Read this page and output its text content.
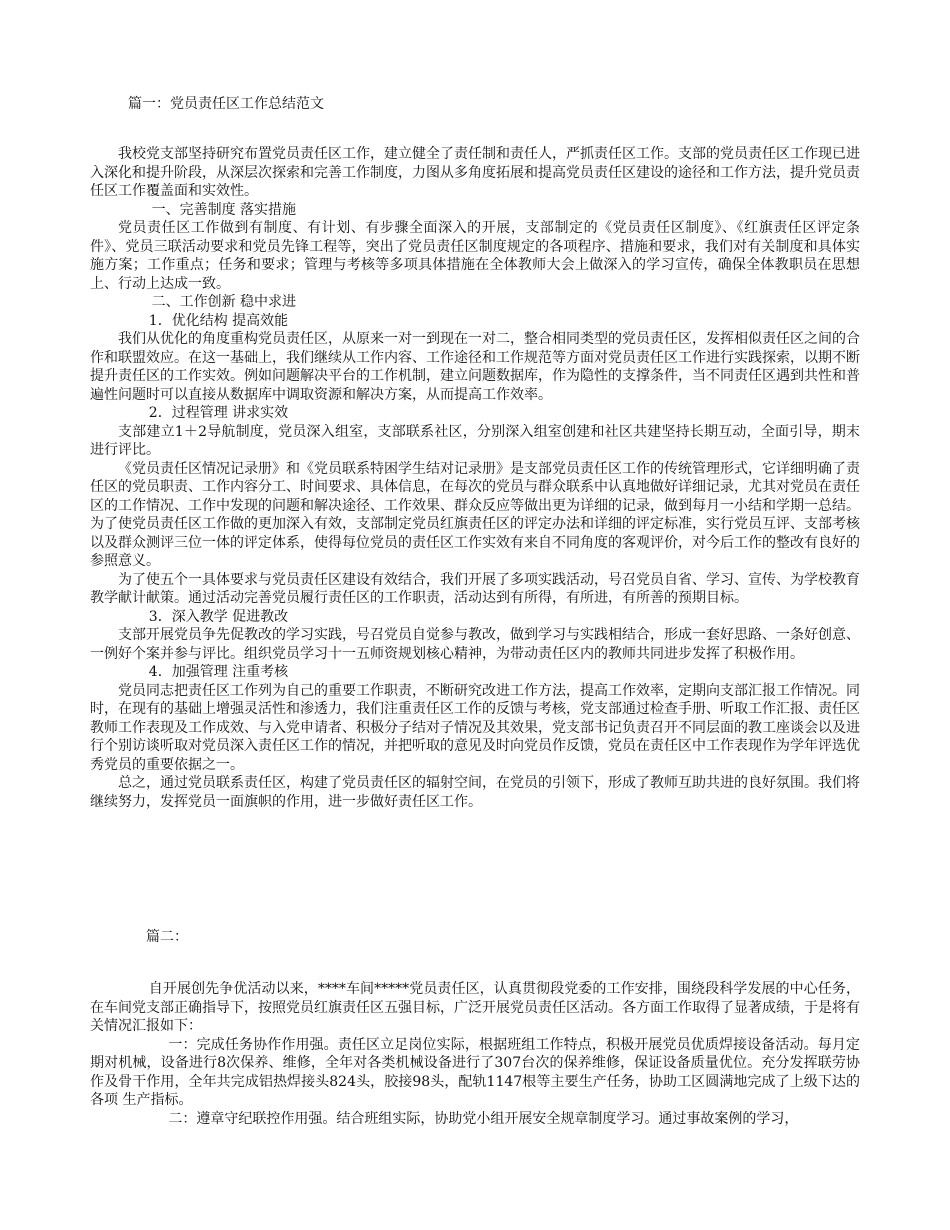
篇一：党员责任区工作总结范文

我校党支部坚持研究布置党员责任区工作，建立健全了责任制和责任人，严抓责任区工作。支部的党员责任区工作现已进入深化和提升阶段，从深层次探索和完善工作制度，力图从多角度拓展和提高党员责任区建设的途径和工作方法，提升党员责任区工作覆盖面和实效性。

一、完善制度 落实措施

党员责任区工作做到有制度、有计划、有步骤全面深入的开展，支部制定的《党员责任区制度》、《红旗责任区评定条件》、党员三联活动要求和党员先锋工程等，突出了党员责任区制度规定的各项程序、措施和要求，我们对有关制度和具体实施方案；工作重点；任务和要求；管理与考核等多项具体措施在全体教师大会上做深入的学习宣传，确保全体教职员在思想上、行动上达成一致。

二、工作创新 稳中求进

1．优化结构 提高效能

我们从优化的角度重构党员责任区，从原来一对一到现在一对二，整合相同类型的党员责任区，发挥相似责任区之间的合作和联盟效应。在这一基础上，我们继续从工作内容、工作途径和工作规范等方面对党员责任区工作进行实践探索，以期不断提升责任区的工作实效。例如问题解决平台的工作机制，建立问题数据库，作为隐性的支撑条件，当不同责任区遇到共性和普遍性问题时可以直接从数据库中调取资源和解决方案，从而提高工作效率。

2．过程管理 讲求实效

支部建立1＋2导航制度，党员深入组室，支部联系社区，分别深入组室创建和社区共建坚持长期互动，全面引导，期末进行评比。

《党员责任区情况记录册》和《党员联系特困学生结对记录册》是支部党员责任区工作的传统管理形式，它详细明确了责任区的党员职责、工作内容分工、时间要求、具体信息，在每次的党员与群众联系中认真地做好详细记录，尤其对党员在责任区的工作情况、工作中发现的问题和解决途径、工作效果、群众反应等做出更为详细的记录，做到每月一小结和学期一总结。为了使党员责任区工作做的更加深入有效，支部制定党员红旗责任区的评定办法和详细的评定标准，实行党员互评、支部考核以及群众测评三位一体的评定体系，使得每位党员的责任区工作实效有来自不同角度的客观评价，对今后工作的整改有良好的参照意义。

为了使五个一具体要求与党员责任区建设有效结合，我们开展了多项实践活动，号召党员自省、学习、宣传、为学校教育教学献计献策。通过活动完善党员履行责任区的工作职责，活动达到有所得，有所进，有所善的预期目标。

3．深入教学 促进教改

支部开展党员争先促教改的学习实践，号召党员自觉参与教改，做到学习与实践相结合，形成一套好思路、一条好创意、一例好个案并参与评比。组织党员学习十一五师资规划核心精神，为带动责任区内的教师共同进步发挥了积极作用。

4．加强管理 注重考核

党员同志把责任区工作列为自己的重要工作职责，不断研究改进工作方法，提高工作效率，定期向支部汇报工作情况。同时，在现有的基础上增强灵活性和渗透力，我们注重责任区工作的反馈与考核，党支部通过检查手册、听取工作汇报、责任区教师工作表现及工作成效、与入党申请者、积极分子结对子情况及其效果，党支部书记负责召开不同层面的教工座谈会以及进行个别访谈听取对党员深入责任区工作的情况，并把听取的意见及时向党员作反馈，党员在责任区中工作表现作为学年评选优秀党员的重要依据之一。

总之，通过党员联系责任区，构建了党员责任区的辐射空间，在党员的引领下，形成了教师互助共进的良好氛围。我们将继续努力，发挥党员一面旗帜的作用，进一步做好责任区工作。

篇二：

自开展创先争优活动以来，****车间*****党员责任区，认真贯彻段党委的工作安排，围绕段科学发展的中心任务，在车间党支部正确指导下，按照党员红旗责任区五强目标，广泛开展党员责任区活动。各方面工作取得了显著成绩，于是将有关情况汇报如下：

一：完成任务协作作用强。责任区立足岗位实际，根据班组工作特点，积极开展党员优质焊接设备活动。每月定期对机械，设备进行8次保养、维修，全年对各类机械设备进行了307台次的保养维修，保证设备质量优位。充分发挥联劳协作及骨干作用，全年共完成铝热焊接头824头，胶接98头，配轨1147根等主要生产任务，协助工区圆满地完成了上级下达的各项 生产指标。

二：遵章守纪联控作用强。结合班组实际，协助党小组开展安全规章制度学习。通过事故案例的学习，
